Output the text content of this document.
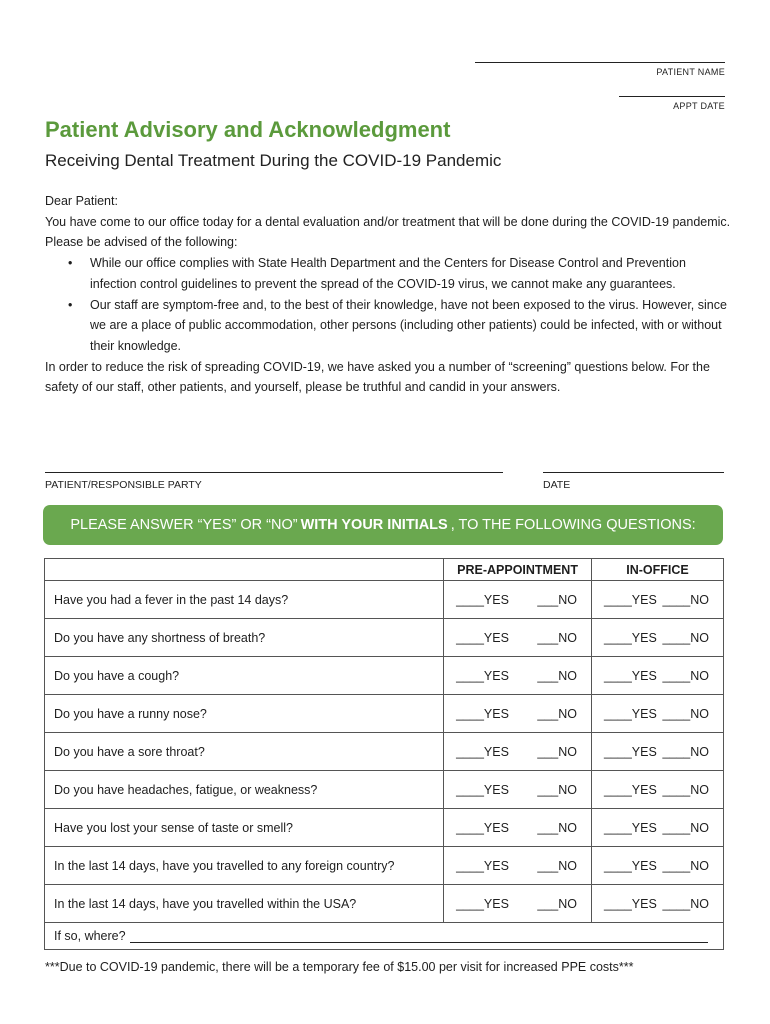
PATIENT NAME
APPT DATE
Patient Advisory and Acknowledgment
Receiving Dental Treatment During the COVID-19 Pandemic

Dear Patient:

You have come to our office today for a dental evaluation and/or treatment that will be done during the COVID-19 pandemic. Please be advised of the following:

• While our office complies with State Health Department and the Centers for Disease Control and Prevention infection control guidelines to prevent the spread of the COVID-19 virus, we cannot make any guarantees.
• Our staff are symptom-free and, to the best of their knowledge, have not been exposed to the virus. However, since we are a place of public accommodation, other persons (including other patients) could be infected, with or without their knowledge.

In order to reduce the risk of spreading COVID-19, we have asked you a number of “screening” questions below. For the safety of our staff, other patients, and yourself, please be truthful and candid in your answers.

PATIENT/RESPONSIBLE PARTY	DATE
PLEASE ANSWER “YES” OR “NO” WITH YOUR INITIALS , TO THE FOLLOWING QUESTIONS:
	PRE-APPOINTMENT	IN-OFFICE
Have you had a fever in the past 14 days?	____YES ___NO	____YES ____NO

Do you have any shortness of breath?	____YES ___NO	____YES ____NO

Do you have a cough?	____YES ___NO	____YES ____NO

Do you have a runny nose?	____YES ___NO	____YES ____NO

Do you have a sore throat?	____YES ___NO	____YES ____NO

Do you have headaches, fatigue, or weakness?	____YES ___NO	____YES ____NO

Have you lost your sense of taste or smell?	____YES ___NO	____YES ____NO

In the last 14 days, have you travelled to any foreign country?	____YES ___NO	____YES ____NO

In the last 14 days, have you travelled within the USA?	____YES ___NO	____YES ____NO

If so, where?		
***Due to COVID-19 pandemic, there will be a temporary fee of $15.00 per visit for increased PPE costs***
